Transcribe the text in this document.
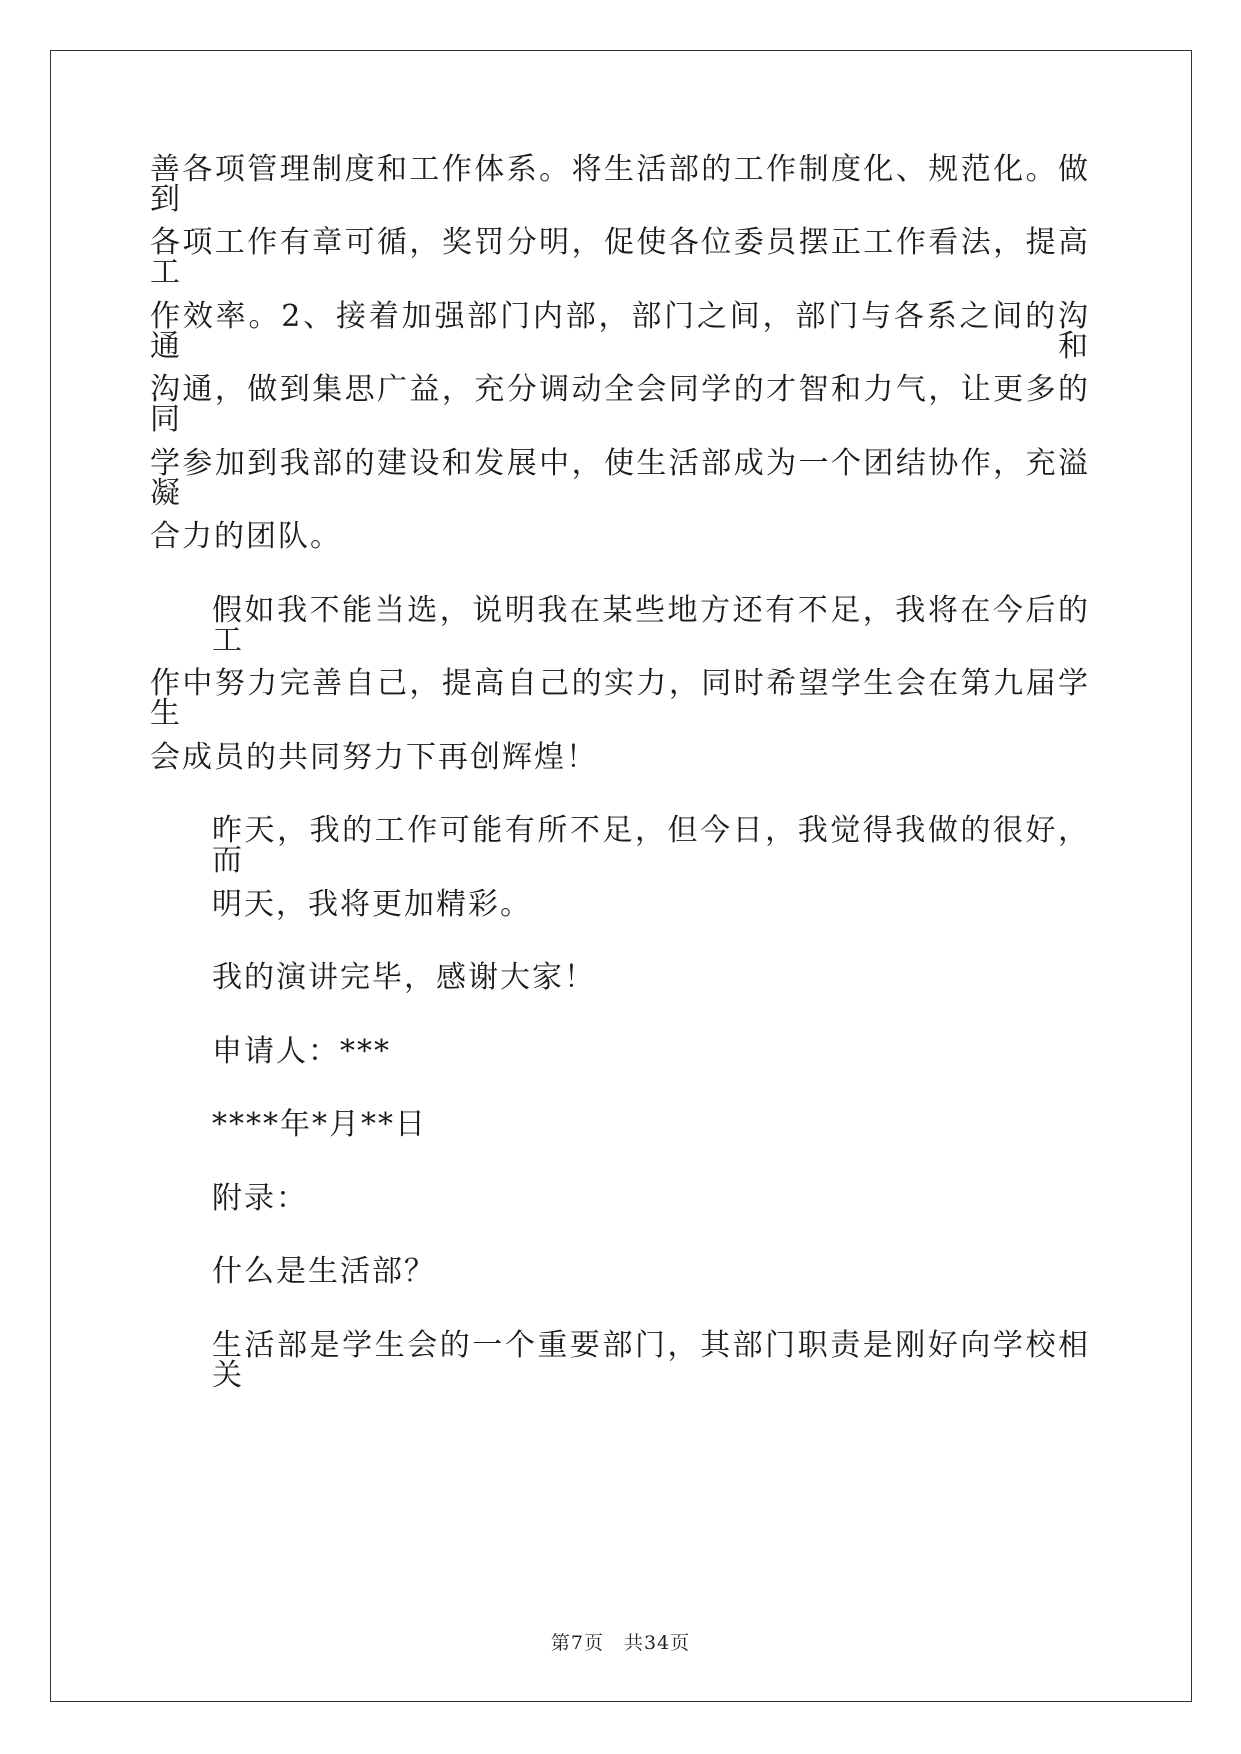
善各项管理制度和工作体系。将生活部的工作制度化、规范化。做到

各项工作有章可循，奖罚分明，促使各位委员摆正工作看法，提高工

作效率。2、接着加强部门内部，部门之间，部门与各系之间的沟通和

沟通，做到集思广益，充分调动全会同学的才智和力气，让更多的同

学参加到我部的建设和发展中，使生活部成为一个团结协作，充溢凝

合力的团队。

假如我不能当选，说明我在某些地方还有不足，我将在今后的工

作中努力完善自己，提高自己的实力，同时希望学生会在第九届学生

会成员的共同努力下再创辉煌！

昨天，我的工作可能有所不足，但今日，我觉得我做的很好，而

明天，我将更加精彩。

我的演讲完毕，感谢大家！

申请人：***

****年*月**日

附录：

什么是生活部？

生活部是学生会的一个重要部门，其部门职责是刚好向学校相关

第7页 共34页
